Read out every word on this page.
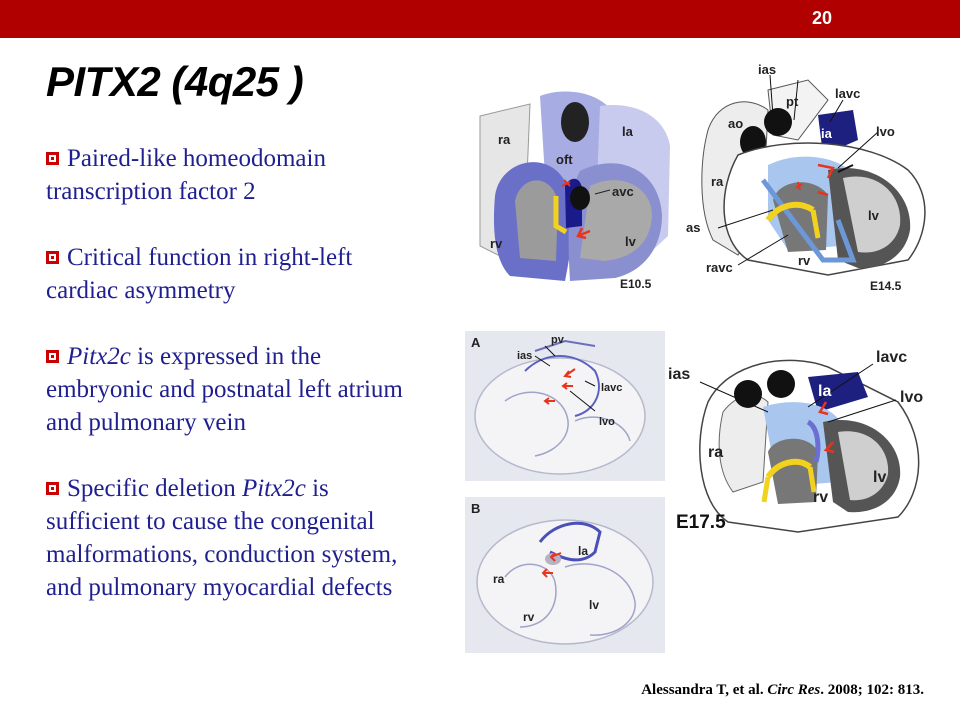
20
PITX2 (4q25 )
Paired-like homeodomain transcription factor 2
Critical function in right-left cardiac asymmetry
Pitx2c is expressed in the embryonic and postnatal left atrium and pulmonary vein
Specific deletion Pitx2c is sufficient to cause the congenital malformations, conduction system, and pulmonary myocardial defects
ra
la
oft
avc
rv	lv
E10.5
ias
pt
lavc
ao
ia	lvo
ra
lv
as
rv
ravc
E14.5
A	pv
ias
lavc
lvo
ias
lavc
la	lvo
ra
lv
rv
E17.5
B
la
ra
lv
rv
Alessandra T, et al. Circ Res. 2008; 102: 813.
